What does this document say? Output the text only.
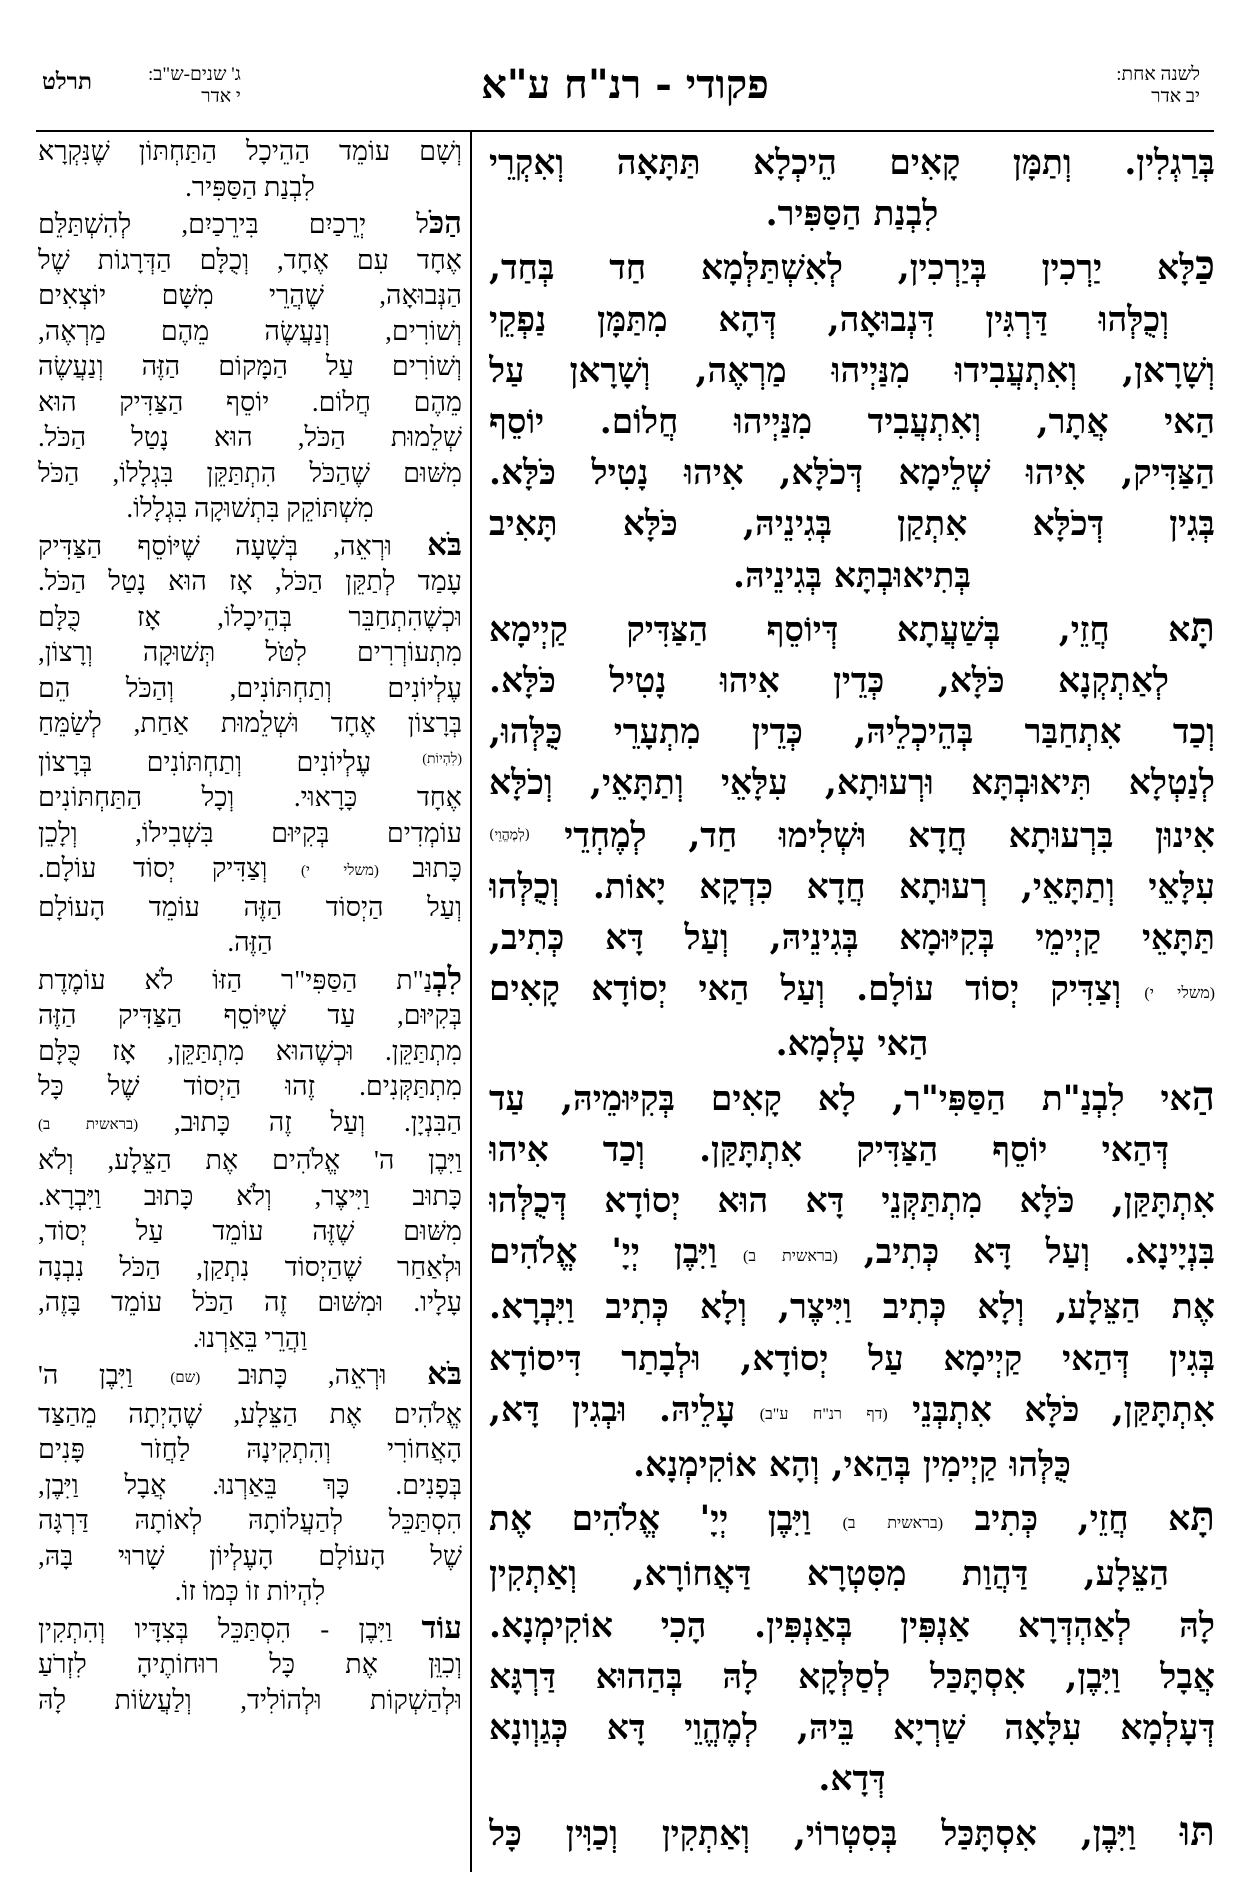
פקודי - רנ"ח ע"א	לשנה אחת:
יב אדר
ג' שנים-ש"ב:
י אדר
תרלט
בְּרַגְלִין. וְתַמָּן קָאִים הֵיכְלָא תַּתָּאָה וְאִקְרֵי
לִבְנַת הַסַּפִּיר.
כַּלָּא יַרְכִין בְּיַרְכִין, לְאִשְׁתַּלְּמָא חַד בְּחַד,
וְכֻלְּהוּ דַּרְגִּין דִּנְבוּאָה, דְּהָא מִתַּמָּן נַפְקֵי
וְשָׁרָאן, וְאִתְעֲבִידוּ מִנַּיְיהוּ מַרְאֶה, וְשָׁרָאן עַל
הַאי אֲתָר, וְאִתְעֲבִיד מִנַּיְיהוּ חֲלוֹם. יוֹסֵף
הַצַּדִּיק, אִיהוּ שְׁלֵימָא דְּכֹלָּא, אִיהוּ נָטִיל כֹּלָּא.
בְּגִין דְּכֹלָּא אִתְקַן בְּגִינֵיהּ, כֹּלָּא תָּאִיב
בְּתִיאוּבְתָּא בְּגִינֵיהּ.
תָּא חֲזֵי, בְּשַׁעֲתָא דְּיוֹסֵף הַצַּדִּיק קַיְימָא
לְאַתְקְנָא כֹּלָּא, כְּדֵין אִיהוּ נָטִיל כֹּלָּא.
וְכַד אִתְחַבַּר בְּהֵיכְלֵיהּ, כְּדֵין מִתְעָרֵי כֻּלְּהוּ,
לְנַטְלָא תִּיאוּבְתָּא וּרְעוּתָא, עִלָּאֵי וְתַתָּאֵי, וְכֹלָּא
אִינוּן בִּרְעוּתָא חֲדָא וּשְׁלִימוּ חַד, לְמֶחְדֵי $^{(לְמֶהֱוֵי)}$
עִלָּאֵי וְתַתָּאֵי, רְעוּתָא חֲדָא כִּדְקָא יָאוֹת. וְכֻלְּהוּ
תַּתָּאֵי קַיְימֵי בְּקִיּוּמָא בְּגִינֵיהּ, וְעַל דָּא כְּתִיב,
(משלי י) וְצַדִּיק יְסוֹד עוֹלָם. וְעַל הַאי יְסוֹדָא קָאִים
הַאי עָלְמָא.
הַאי לִבְנַ"ת הַסַּפִּי"ר, לָא קָאִים בְּקִיּוּמֵיהּ, עַד
דְּהַאי יוֹסֵף הַצַּדִּיק אִתְתָּקַּן. וְכַד אִיהוּ
אִתְתָּקַּן, כֹּלָּא מִתְתַּקְּנֵי דָּא הוּא יְסוֹדָא דְּכֻלְּהוּ
בִּנְיָינָא. וְעַל דָּא כְּתִיב, (בראשית ב) וַיִּבֶן יְיָ' אֱלֹהִים
אֶת הַצֵּלָע, וְלָא כְּתִיב וַיִּיצֶר, וְלָא כְּתִיב וַיִּבְרָא.
בְּגִין דְּהַאי קַיְימָא עַל יְסוֹדָא, וּלְבָתַר דִּיסוֹדָא
אִתְתָּקַּן, כֹּלָּא אִתְבְּנֵי (דף רנ"ח ע"ב) עָלֵיהּ. וּבְגִין דָּא,
כֻּלְּהוּ קַיְימִין בְּהַאי, וְהָא אוֹקִימְנָא.
תָּא חֲזֵי, כְּתִיב (בראשית ב) וַיִּבֶן יְיָ' אֱלֹהִים אֶת
הַצֵּלָע, דַּהֲוַת מִסִּטְרָא דַּאֲחוֹרָא, וְאַתְקִין
לָהּ לְאַהְדְּרָא אַנְפִּין בְּאַנְפִּין. הָכִי אוֹקִימְנָא.
אֲבָל וַיִּבֶן, אִסְתָּכַּל לְסַלְּקָא לָהּ בְּהַהוּא דַּרְגָּא
דְּעָלְמָא עִלָּאָה שַׁרְיָא בֵּיהּ, לְמֶהֱוֵי דָּא כְּגַוְונָא
דְּדָא.
תּוּ וַיִּבֶן, אִסְתָּכַּל בְּסִטְרוֹי, וְאַתְקִין וְכַוִּין כָּל
וְשָׁם עוֹמֵד הַהֵיכָל הַתַּחְתּוֹן שֶׁנִּקְרָא
לִבְנַת הַסַּפִּיר.
הַכֹּל יְרֵכַיִם בִּירֵכַיִם, לְהִשְׁתַּלֵּם
אֶחָד עִם אֶחָד, וְכֻלָּם הַדְּרָגוֹת שֶׁל
הַנְּבוּאָה, שֶׁהֲרֵי מִשָּׁם יוֹצְאִים
וְשׁוֹרִים, וְנַעֲשֶׂה מֵהֶם מַרְאֶה,
וְשׁוֹרִים עַל הַמָּקוֹם הַזֶּה וְנַעֲשֶׂה
מֵהֶם חֲלוֹם. יוֹסֵף הַצַּדִּיק הוּא
שְׁלֵמוּת הַכֹּל, הוּא נָטַל הַכֹּל.
מִשּׁוּם שֶׁהַכֹּל הִתְתַּקֵּן בִּגְלָלוֹ, הַכֹּל
מִשְׁתּוֹקֵק בִּתְשׁוּקָה בִּגְלָלוֹ.
בֹּא וּרְאֵה, בְּשָׁעָה שֶׁיּוֹסֵף הַצַּדִּיק
עָמַד לְתַקֵּן הַכֹּל, אָז הוּא נָטַל הַכֹּל.
וּכְשֶׁהִתְחַבֵּר בְּהֵיכָלוֹ, אָז כֻּלָּם
מִתְעוֹרְרִים לִטֹּל תְּשׁוּקָה וְרָצוֹן,
עֶלְיוֹנִים וְתַחְתּוֹנִים, וְהַכֹּל הֵם
בְּרָצוֹן אֶחָד וּשְׁלֵמוּת אַחַת, לְשַׂמֵּחַ
$^{(לִהְיוֹת)}$ עֶלְיוֹנִים וְתַחְתּוֹנִים בְּרָצוֹן
אֶחָד כָּרָאוּי. וְכָל הַתַּחְתּוֹנִים
עוֹמְדִים בְּקִיּוּם בִּשְׁבִילוֹ, וְלָכֵן
כָּתוּב (משלי י) וְצַדִּיק יְסוֹד עוֹלָם.
וְעַל הַיְסוֹד הַזֶּה עוֹמֵד הָעוֹלָם
הַזֶּה.
לִבְנַ"ת הַסַּפִּי"ר הַזּוֹ לֹא עוֹמֶדֶת
בְּקִיּוּם, עַד שֶׁיּוֹסֵף הַצַּדִּיק הַזֶּה
מִתְתַּקֵּן. וּכְשֶׁהוּא מִתְתַּקֵּן, אָז כֻּלָּם
מִתְתַּקְּנִים. זֶהוּ הַיְסוֹד שֶׁל כָּל
הַבִּנְיָן. וְעַל זֶה כָּתוּב, (בראשית ב)
וַיִּבֶן ה' אֱלֹהִים אֶת הַצֵּלָע, וְלֹא
כָּתוּב וַיִּיצֶר, וְלֹא כָּתוּב וַיִּבְרָא.
מִשּׁוּם שֶׁזֶּה עוֹמֵד עַל יְסוֹד,
וּלְאַחַר שֶׁהַיְסוֹד נִתְקַן, הַכֹּל נִבְנָה
עָלָיו. וּמִשּׁוּם זֶה הַכֹּל עוֹמֵד בָּזֶה,
וַהֲרֵי בֵּאַרְנוּ.
בֹּא וּרְאֵה, כָּתוּב (שם) וַיִּבֶן ה'
אֱלֹהִים אֶת הַצֵּלָע, שֶׁהָיְתָה מֵהַצַּד
הָאֲחוֹרִי וְהִתְקִינָהּ לַחֲזֹר פָּנִים
בְּפָנִים. כָּךְ בֵּאַרְנוּ. אֲבָל וַיִּבֶן,
הִסְתַּכֵּל לְהַעֲלוֹתָהּ לְאוֹתָהּ דַּרְגָּה
שֶׁל הָעוֹלָם הָעֶלְיוֹן שָׁרוּי בָּהּ,
לִהְיוֹת זוֹ כְּמוֹ זוֹ.
עוֹד וַיִּבֶן - הִסְתַּכֵּל בְּצִדָּיו וְהִתְקִין
וְכִוֵּן אֶת כָּל רוּחוֹתֶיהָ לִזְרֹעַ
וּלְהַשְׁקוֹת וּלְהוֹלִיד, וְלַעֲשׂוֹת לָהּ
